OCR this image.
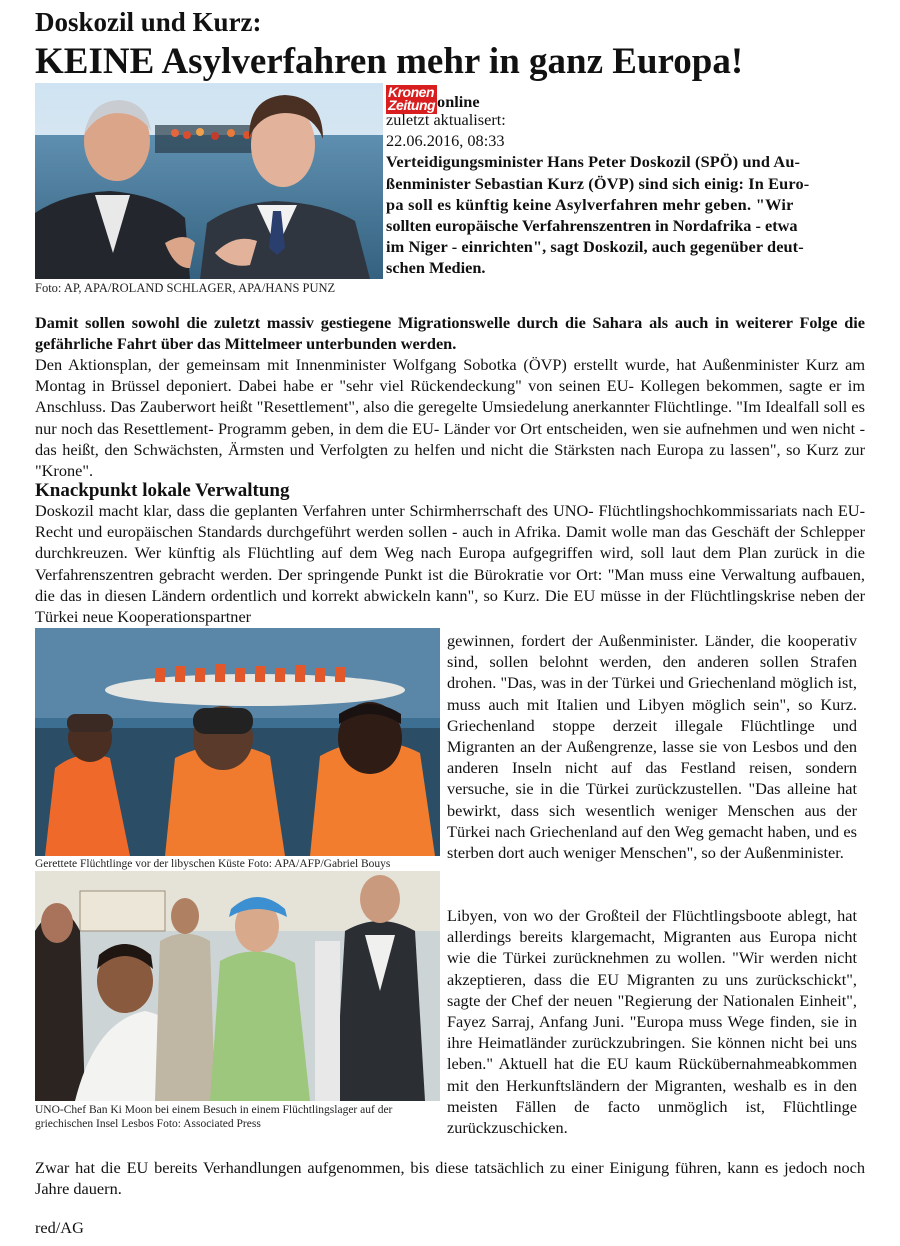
Doskozil und Kurz:
KEINE Asylverfahren mehr in ganz Europa!
Foto: AP, APA/ROLAND SCHLAGER, APA/HANS PUNZ
Kronen
Zeitung online
zuletzt aktualisert:
22.06.2016, 08:33
Verteidigungsminister Hans Peter Doskozil (SPÖ) und Au-
ßenminister Sebastian Kurz (ÖVP) sind sich einig: In Euro-
pa soll es künftig keine Asylverfahren mehr geben. "Wir
sollten europäische Verfahrenszentren in Nordafrika - etwa
im Niger - einrichten", sagt Doskozil, auch gegenüber deut-
schen Medien.
Damit sollen sowohl die zuletzt massiv gestiegene Migrationswelle durch die Sahara als auch in weiterer Folge die gefährliche Fahrt über das Mittelmeer unterbunden werden.
Den Aktionsplan, der gemeinsam mit Innenminister Wolfgang Sobotka (ÖVP) erstellt wurde, hat Außenminister Kurz am Montag in Brüssel deponiert. Dabei habe er "sehr viel Rückendeckung" von seinen EU- Kollegen bekommen, sagte er im Anschluss. Das Zauberwort heißt "Resettlement", also die geregelte Umsiedelung anerkannter Flüchtlinge. "Im Idealfall soll es nur noch das Resettlement- Programm geben, in dem die EU- Länder vor Ort entscheiden, wen sie aufnehmen und wen nicht - das heißt, den Schwächsten, Ärmsten und Verfolgten zu helfen und nicht die Stärksten nach Europa zu lassen", so Kurz zur "Krone".
Knackpunkt lokale Verwaltung
Doskozil macht klar, dass die geplanten Verfahren unter Schirmherrschaft des UNO- Flüchtlingshochkommissariats nach EU- Recht und europäischen Standards durchgeführt werden sollen - auch in Afrika. Damit wolle man das Geschäft der Schlepper durchkreuzen. Wer künftig als Flüchtling auf dem Weg nach Europa aufgegriffen wird, soll laut dem Plan zurück in die Verfahrenszentren gebracht werden. Der springende Punkt ist die Bürokratie vor Ort: "Man muss eine Verwaltung aufbauen, die das in diesen Ländern ordentlich und korrekt abwickeln kann", so Kurz. Die EU müsse in der Flüchtlingskrise neben der Türkei neue Kooperationspartner
Gerettete Flüchtlinge vor der libyschen Küste Foto: APA/AFP/Gabriel Bouys
UNO-Chef Ban Ki Moon bei einem Besuch in einem Flüchtlingslager auf der griechischen Insel Lesbos Foto: Associated Press
gewinnen, fordert der Außenminister. Länder, die kooperativ sind, sollen belohnt werden, den anderen sollen Strafen drohen. "Das, was in der Türkei und Griechenland möglich ist, muss auch mit Italien und Libyen möglich sein", so Kurz. Griechenland stoppe derzeit illegale Flüchtlinge und Migranten an der Außengrenze, lasse sie von Lesbos und den anderen Inseln nicht auf das Festland reisen, sondern versuche, sie in die Türkei zurückzustellen. "Das alleine hat bewirkt, dass sich wesentlich weniger Menschen aus der Türkei nach Griechenland auf den Weg gemacht haben, und es sterben dort auch weniger Menschen", so der Außenminister.
Libyen, von wo der Großteil der Flüchtlingsboote ablegt, hat allerdings bereits klargemacht, Migranten aus Europa nicht wie die Türkei zurücknehmen zu wollen. "Wir werden nicht akzeptieren, dass die EU Migranten zu uns zurückschickt", sagte der Chef der neuen "Regierung der Nationalen Einheit", Fayez Sarraj, Anfang Juni. "Europa muss Wege finden, sie in ihre Heimatländer zurückzubringen. Sie können nicht bei uns leben." Aktuell hat die EU kaum Rückübernahmeabkommen mit den Herkunftsländern der Migranten, weshalb es in den meisten Fällen de facto unmöglich ist, Flüchtlinge zurückzuschicken.
Zwar hat die EU bereits Verhandlungen aufgenommen, bis diese tatsächlich zu einer Einigung führen, kann es jedoch noch Jahre dauern.
red/AG
